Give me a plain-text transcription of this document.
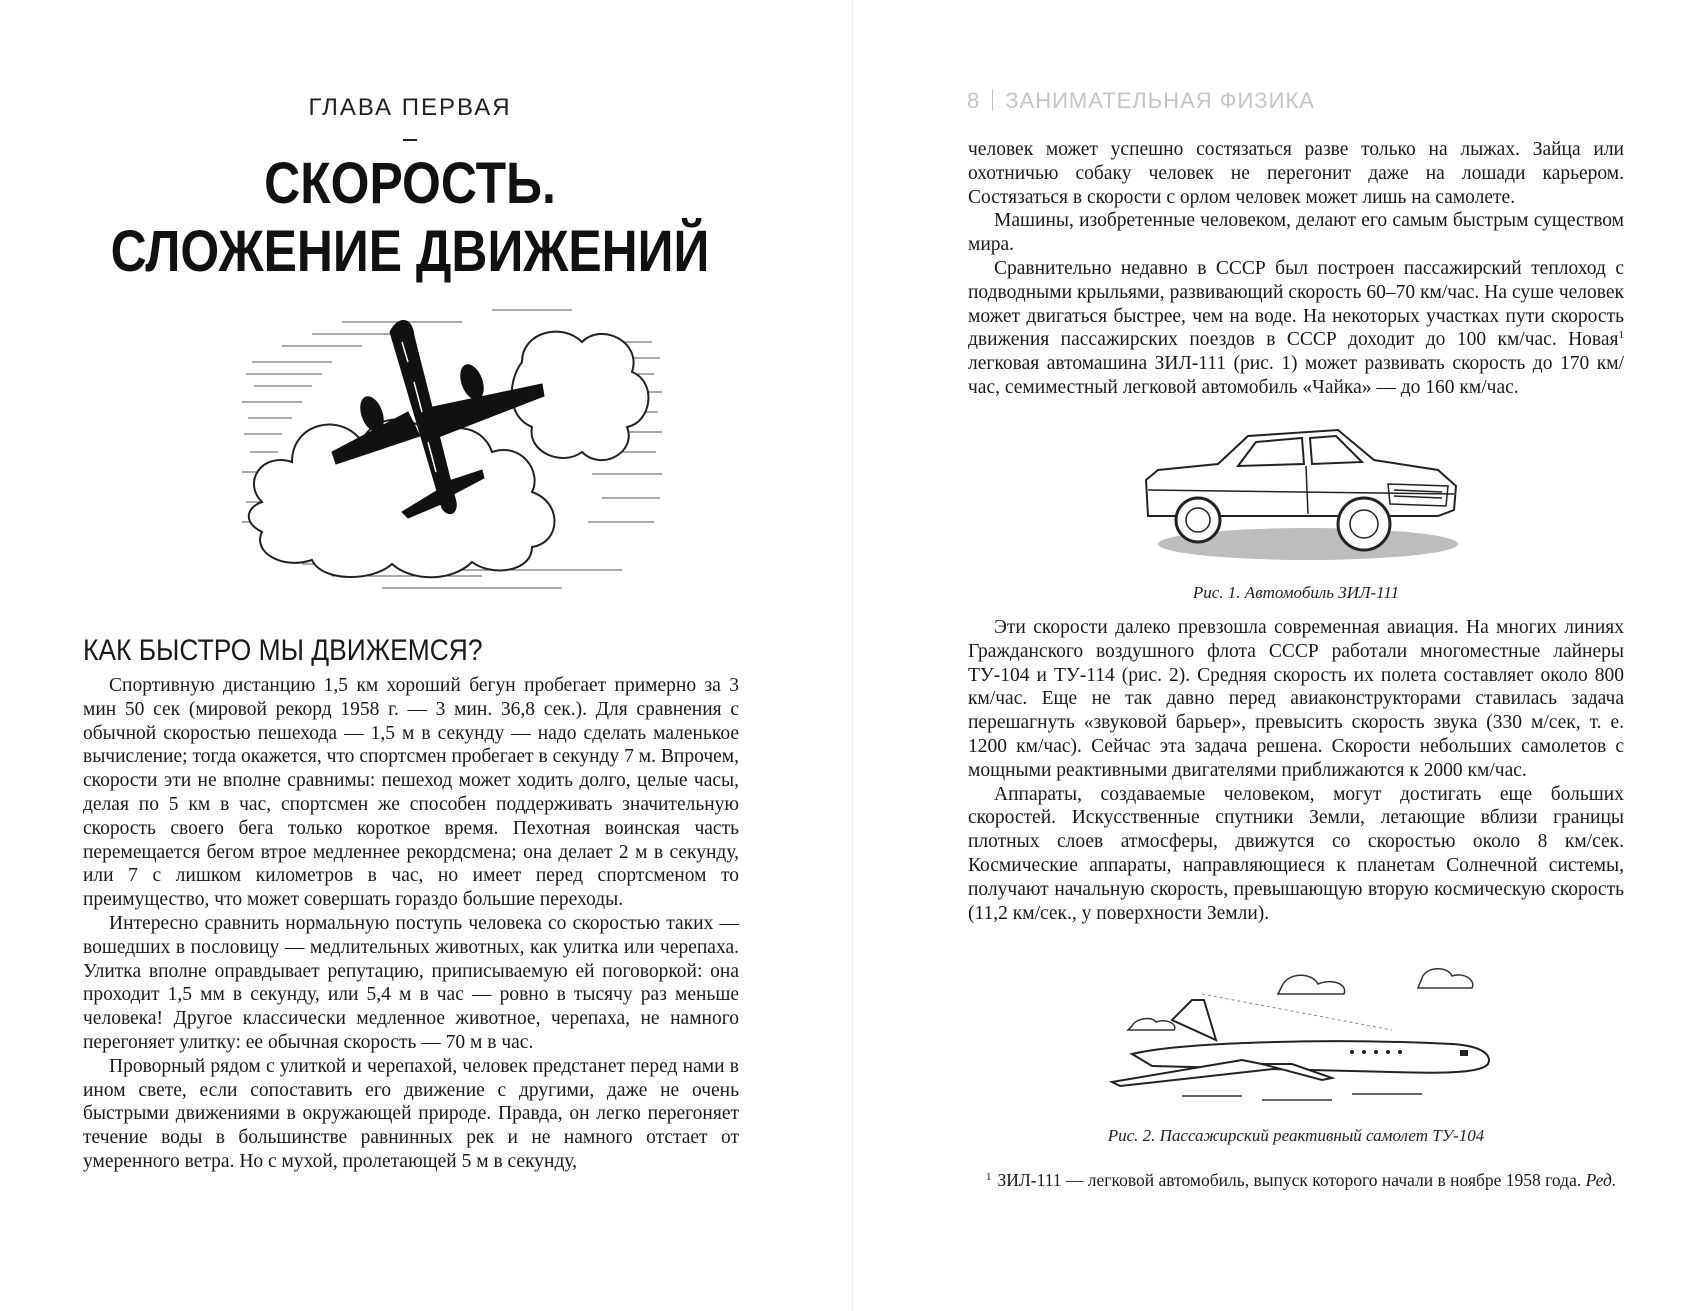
ГЛАВА ПЕРВАЯ
СКОРОСТЬ.
СЛОЖЕНИЕ ДВИЖЕНИЙ
КАК БЫСТРО МЫ ДВИЖЕМСЯ?

Спортивную дистанцию 1,5 км хороший бегун пробегает примерно за 3 мин 50 сек (мировой рекорд 1958 г. — 3 мин. 36,8 сек.). Для сравнения с обычной скоростью пешехода — 1,5 м в секунду — надо сделать маленькое вычисление; тогда окажется, что спортсмен пробегает в секунду 7 м. Впрочем, скорости эти не вполне сравнимы: пешеход может ходить долго, целые часы, делая по 5 км в час, спортсмен же способен поддерживать значительную скорость своего бега только короткое время. Пехотная воинская часть перемещается бегом втрое медленнее рекордсмена; она делает 2 м в секунду, или 7 с лишком километров в час, но имеет перед спортсменом то преимущество, что может совершать гораздо большие переходы.

Интересно сравнить нормальную поступь человека со скоростью таких — вошедших в пословицу — медлительных животных, как улитка или черепаха. Улитка вполне оправдывает репутацию, приписываемую ей поговоркой: она проходит 1,5 мм в секунду, или 5,4 м в час — ровно в тысячу раз меньше человека! Другое классически медленное животное, черепаха, не намного перегоняет улитку: ее обычная скорость — 70 м в час.

Проворный рядом с улиткой и черепахой, человек предстанет перед нами в ином свете, если сопоставить его движение с другими, даже не очень быстрыми движениями в окружающей природе. Правда, он легко перегоняет течение воды в большинстве равнинных рек и не намного отстает от умеренного ветра. Но с мухой, пролетающей 5 м в секунду,

8 ЗАНИМАТЕЛЬНАЯ ФИЗИКА

человек может успешно состязаться разве только на лыжах. Зайца или охотничью собаку человек не перегонит даже на лошади карьером. Состязаться в скорости с орлом человек может лишь на самолете.

Машины, изобретенные человеком, делают его самым быстрым существом мира.

Сравнительно недавно в СССР был построен пассажирский теплоход с подводными крыльями, развивающий скорость 60–70 км/час. На суше человек может двигаться быстрее, чем на воде. На некоторых участках пути скорость движения пассажирских поездов в СССР доходит до 100 км/час. Новая$^1$ легковая автомашина ЗИЛ-111 (рис. 1) может развивать скорость до 170 км/час, семиместный легковой автомобиль «Чайка» — до 160 км/час.

Рис. 1. Автомобиль ЗИЛ-111

Эти скорости далеко превзошла современная авиация. На многих линиях Гражданского воздушного флота СССР работали многоместные лайнеры ТУ-104 и ТУ-114 (рис. 2). Средняя скорость их полета составляет около 800 км/час. Еще не так давно перед авиаконструкторами ставилась задача перешагнуть «звуковой барьер», превысить скорость звука (330 м/сек, т. е. 1200 км/час). Сейчас эта задача решена. Скорости небольших самолетов с мощными реактивными двигателями приближаются к 2000 км/час.

Аппараты, создаваемые человеком, могут достигать еще больших скоростей. Искусственные спутники Земли, летающие вблизи границы плотных слоев атмосферы, движутся со скоростью около 8 км/сек. Космические аппараты, направляющиеся к планетам Солнечной системы, получают начальную скорость, превышающую вторую космическую скорость (11,2 км/сек., у поверхности Земли).

Рис. 2. Пассажирский реактивный самолет ТУ-104
$^1$ ЗИЛ-111 — легковой автомобиль, выпуск которого начали в ноябре 1958 года. Ред.
